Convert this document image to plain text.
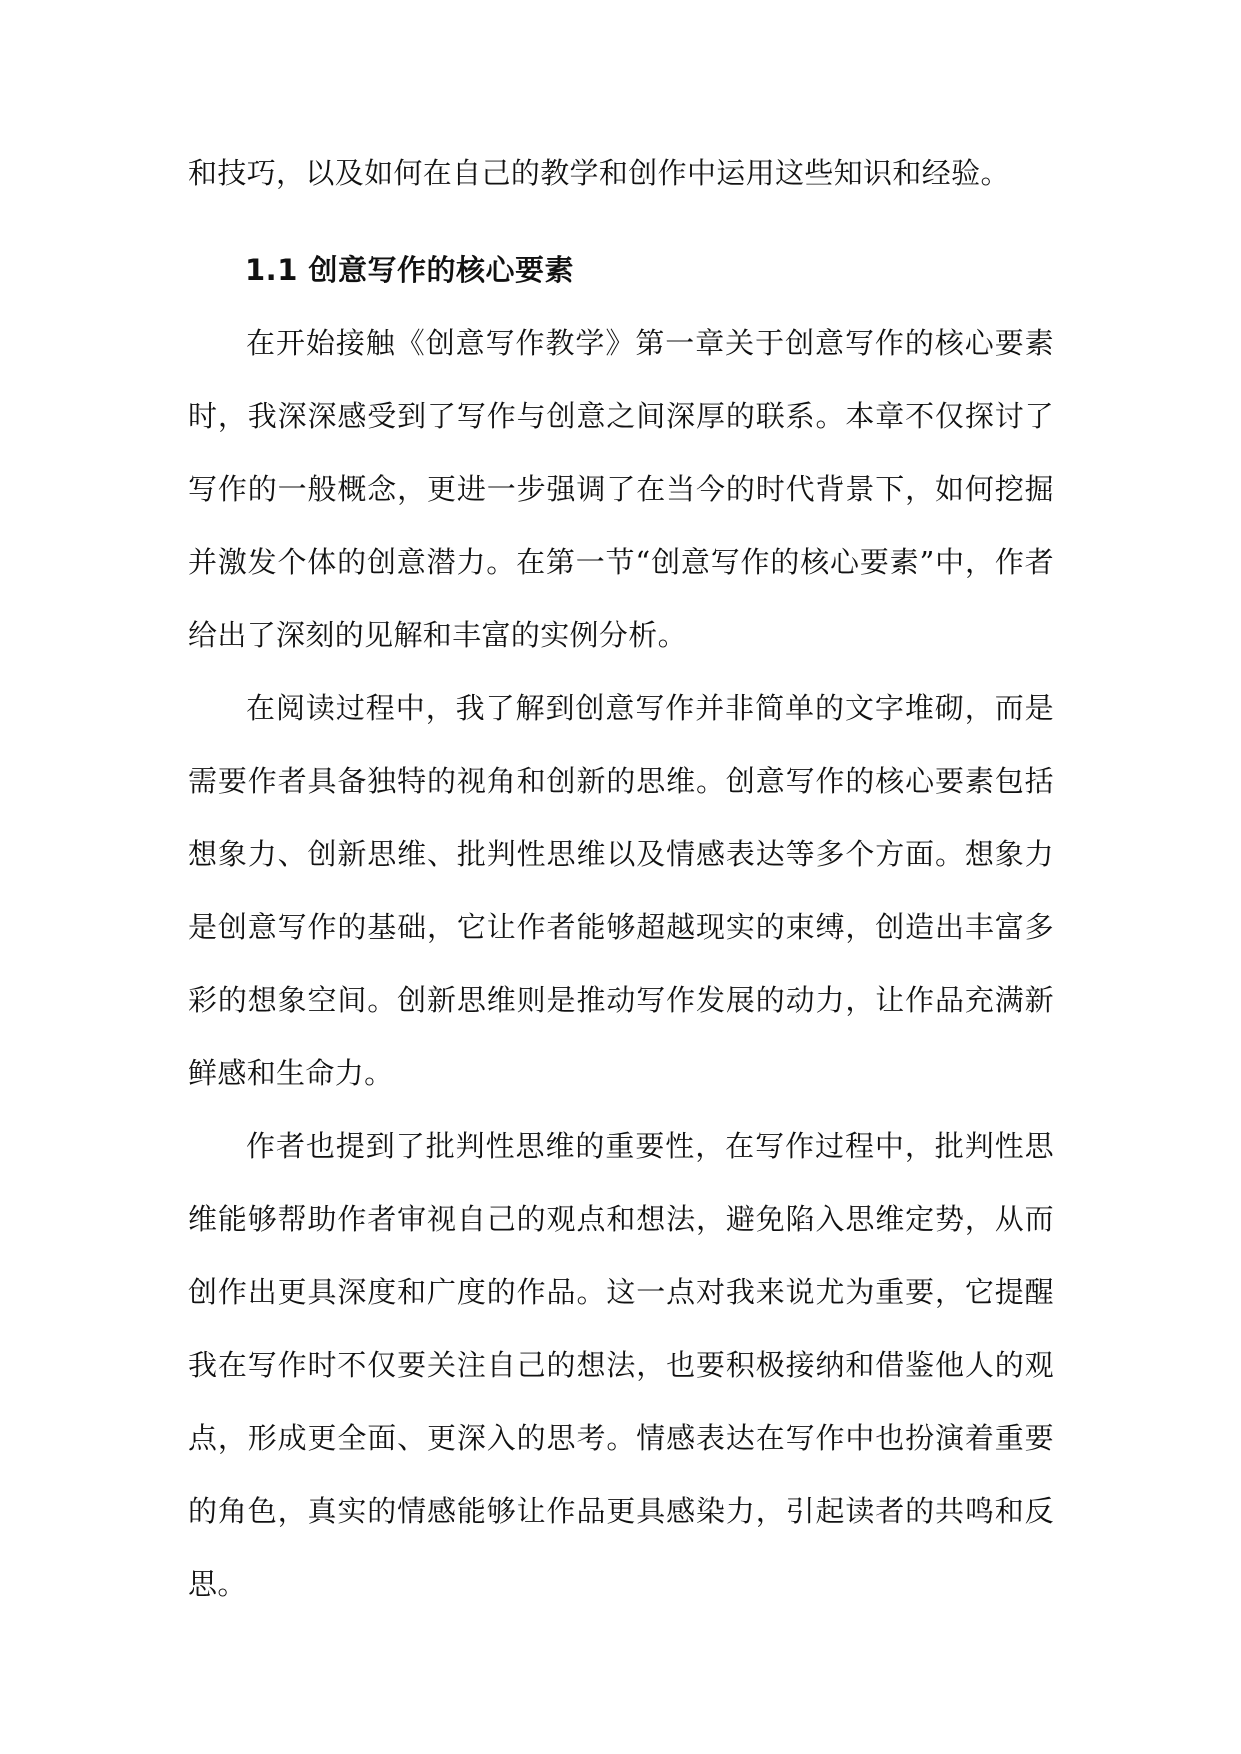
和技巧，以及如何在自己的教学和创作中运用这些知识和经验。

1.1 创意写作的核心要素

在开始接触《创意写作教学》第一章关于创意写作的核心要素时，我深深感受到了写作与创意之间深厚的联系。本章不仅探讨了写作的一般概念，更进一步强调了在当今的时代背景下，如何挖掘并激发个体的创意潜力。在第一节“创意写作的核心要素”中，作者给出了深刻的见解和丰富的实例分析。

在阅读过程中，我了解到创意写作并非简单的文字堆砌，而是需要作者具备独特的视角和创新的思维。创意写作的核心要素包括想象力、创新思维、批判性思维以及情感表达等多个方面。想象力是创意写作的基础，它让作者能够超越现实的束缚，创造出丰富多彩的想象空间。创新思维则是推动写作发展的动力，让作品充满新鲜感和生命力。

作者也提到了批判性思维的重要性，在写作过程中，批判性思维能够帮助作者审视自己的观点和想法，避免陷入思维定势，从而创作出更具深度和广度的作品。这一点对我来说尤为重要，它提醒我在写作时不仅要关注自己的想法，也要积极接纳和借鉴他人的观点，形成更全面、更深入的思考。情感表达在写作中也扮演着重要的角色，真实的情感能够让作品更具感染力，引起读者的共鸣和反思。
